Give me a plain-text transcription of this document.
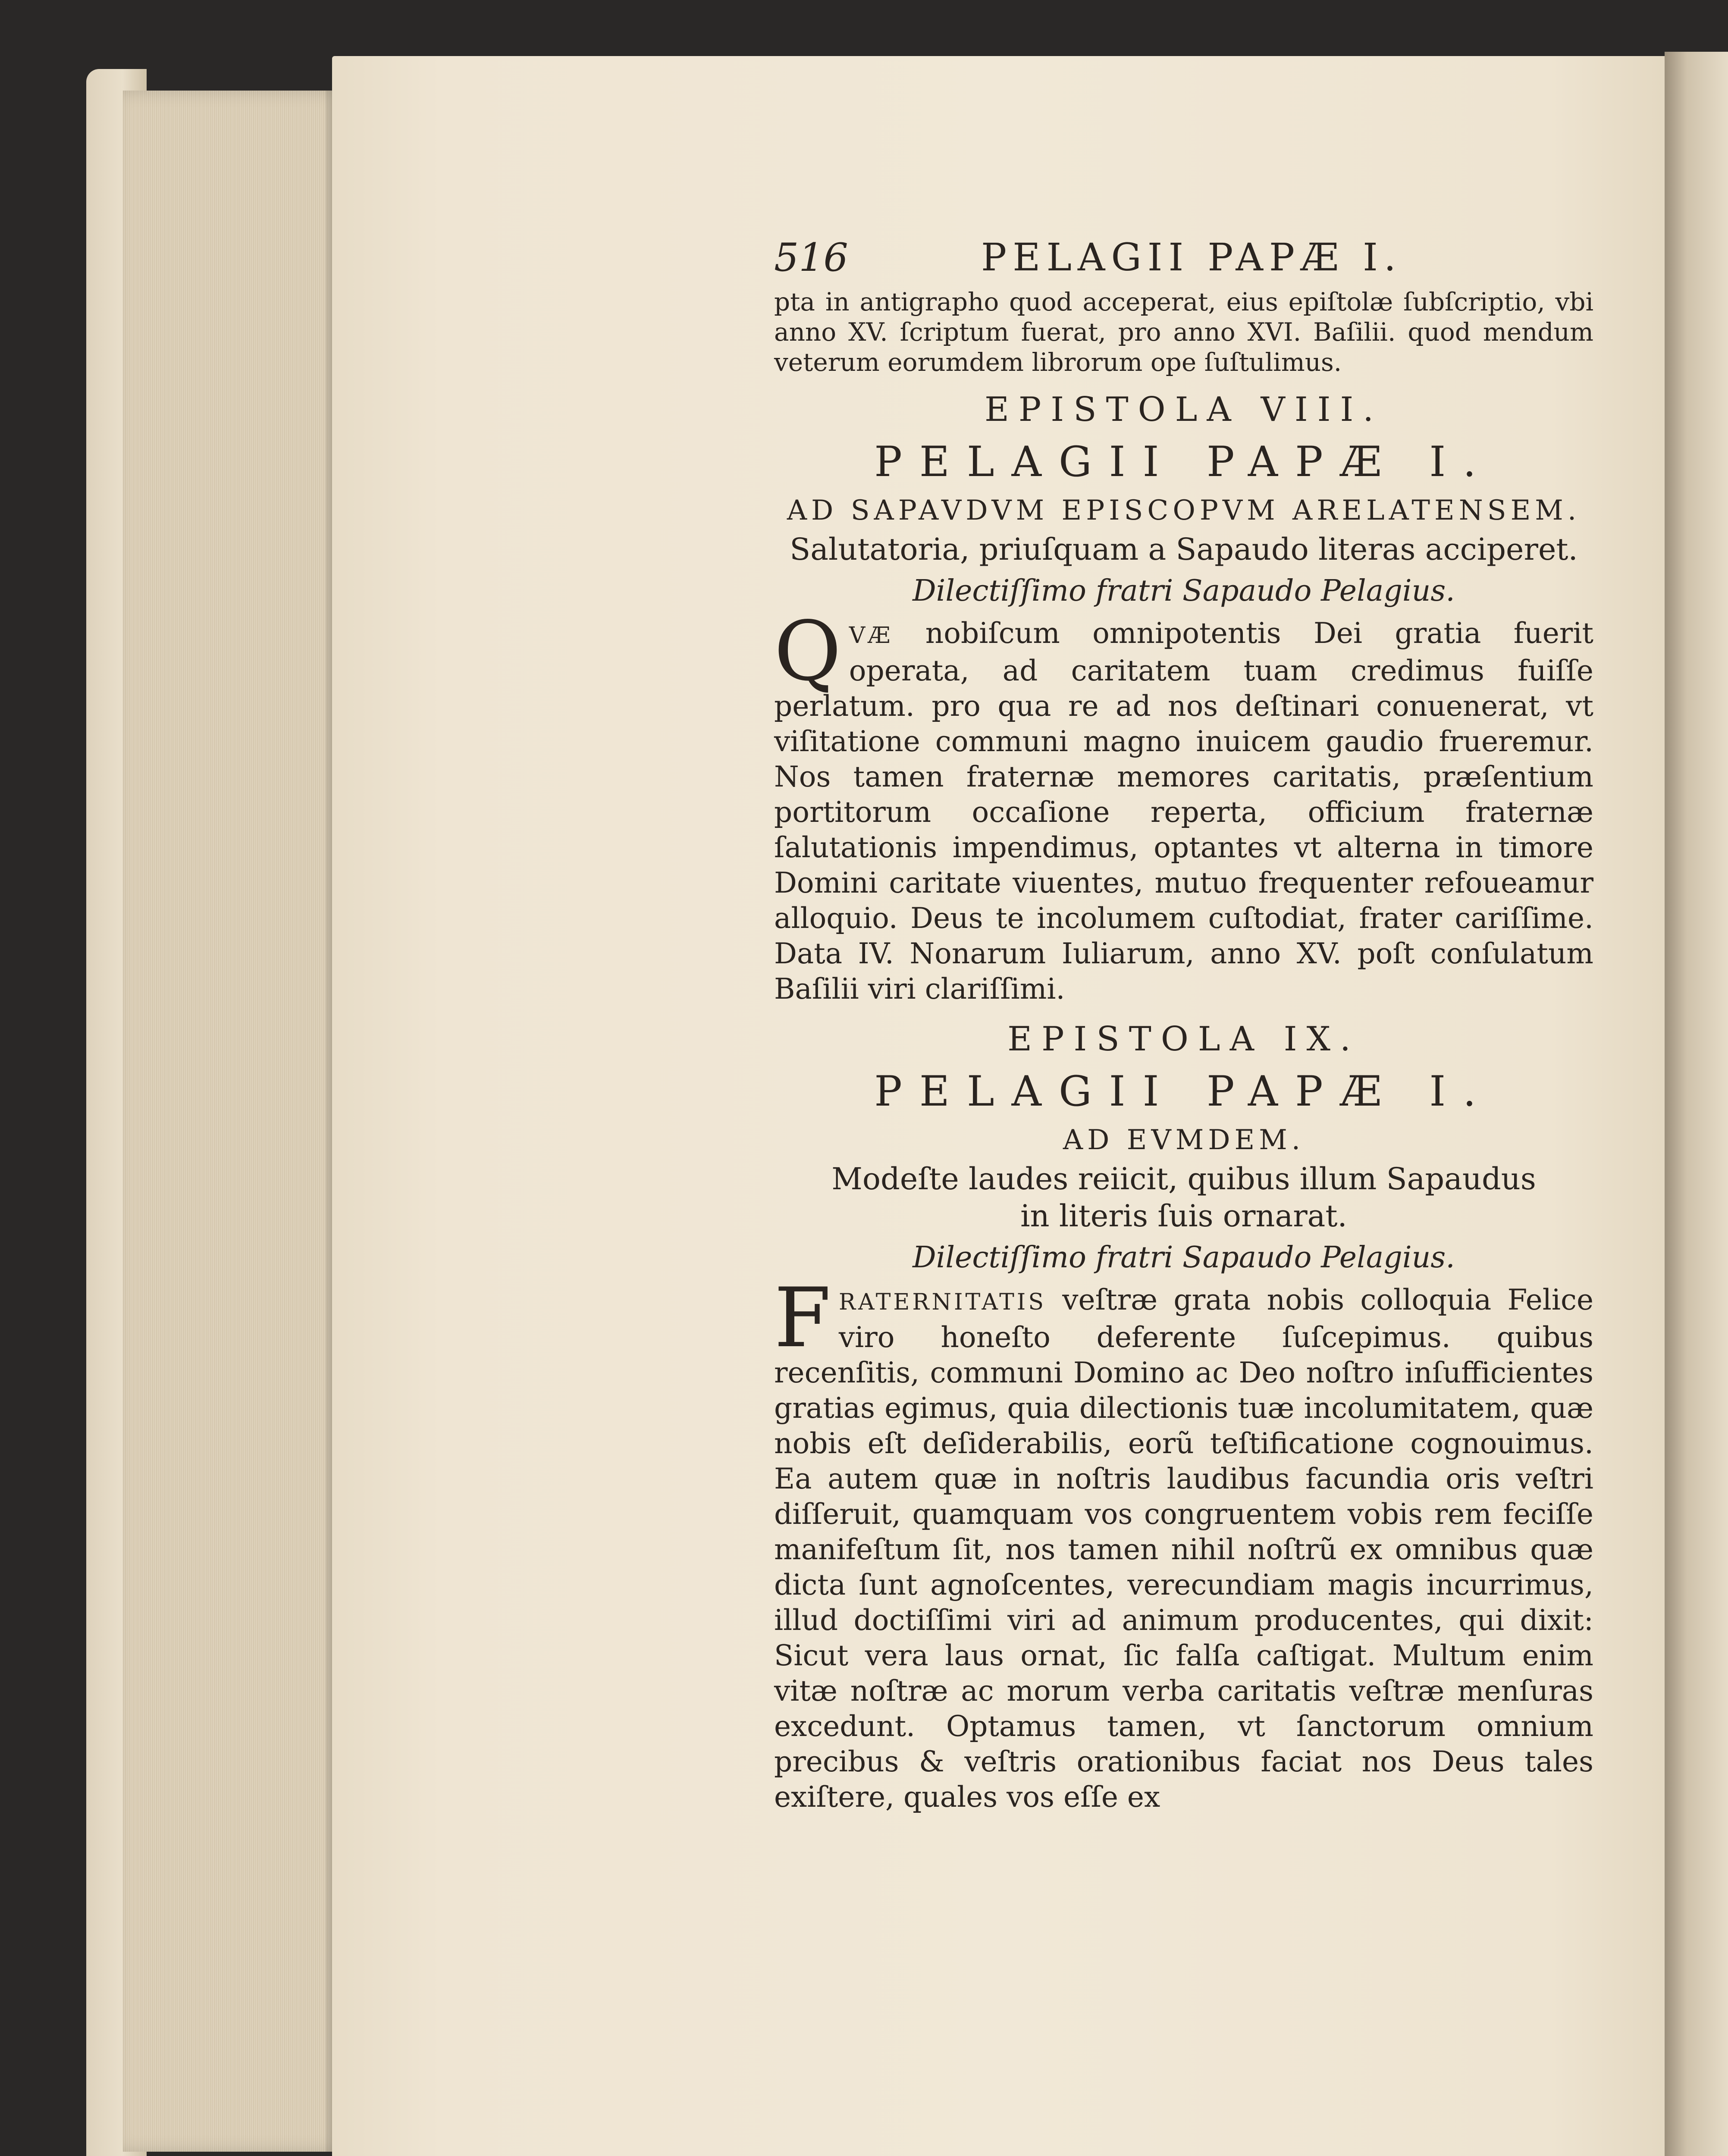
516	PELAGII PAPÆ I.

pta in antigrapho quod acceperat, eius epiſtolæ ſubſcriptio, vbi anno XV. ſcriptum fuerat, pro anno XVI. Baſilii. quod mendum veterum eorumdem librorum ope ſuſtulimus.

EPISTOLA VIII.
PELAGII PAPÆ I.
AD SAPAVDVM EPISCOPVM ARELATENSEM.
Salutatoria, priuſquam a Sapaudo literas acciperet.
Dilectiſſimo fratri Sapaudo Pelagius.

Q VÆ nobiſcum omnipotentis Dei gratia fuerit operata, ad caritatem tuam credimus fuiſſe perlatum. pro qua re ad nos deſtinari conuenerat, vt viſitatione communi magno inuicem gaudio frueremur. Nos tamen fraternæ memores caritatis, præſentium portitorum occaſione reperta, officium fraternæ ſalutationis impendimus, optantes vt alterna in timore Domini caritate viuentes, mutuo frequenter refoueamur alloquio. Deus te incolumem cuſtodiat, frater cariſſime. Data IV. Nonarum Iuliarum, anno XV. poſt conſulatum Baſilii viri clariſſimi.

EPISTOLA IX.
PELAGII PAPÆ I.
AD EVMDEM.
Modeſte laudes reiicit, quibus illum Sapaudus
in literis ſuis ornarat.
Dilectiſſimo fratri Sapaudo Pelagius.

F RATERNITATIS veſtræ grata nobis colloquia Felice viro honeſto deferente ſuſcepimus. quibus recenſitis, communi Domino ac Deo noſtro inſufficientes gratias egimus, quia dilectionis tuæ incolumitatem, quæ nobis eſt deſiderabilis, eorũ teſtificatione cognouimus. Ea autem quæ in noſtris laudibus facundia oris veſtri diſſeruit, quamquam vos congruentem vobis rem feciſſe manifeſtum ſit, nos tamen nihil noſtrũ ex omnibus quæ dicta ſunt agnoſcentes, verecundiam magis incurrimus, illud doctiſſimi viri ad animum producentes, qui dixit: Sicut vera laus ornat, ſic falſa caſtigat. Multum enim vitæ noſtræ ac morum verba caritatis veſtræ menſuras excedunt. Optamus tamen, vt ſanctorum omnium precibus & veſtris orationibus faciat nos Deus tales exiſtere, quales vos eſſe ex
